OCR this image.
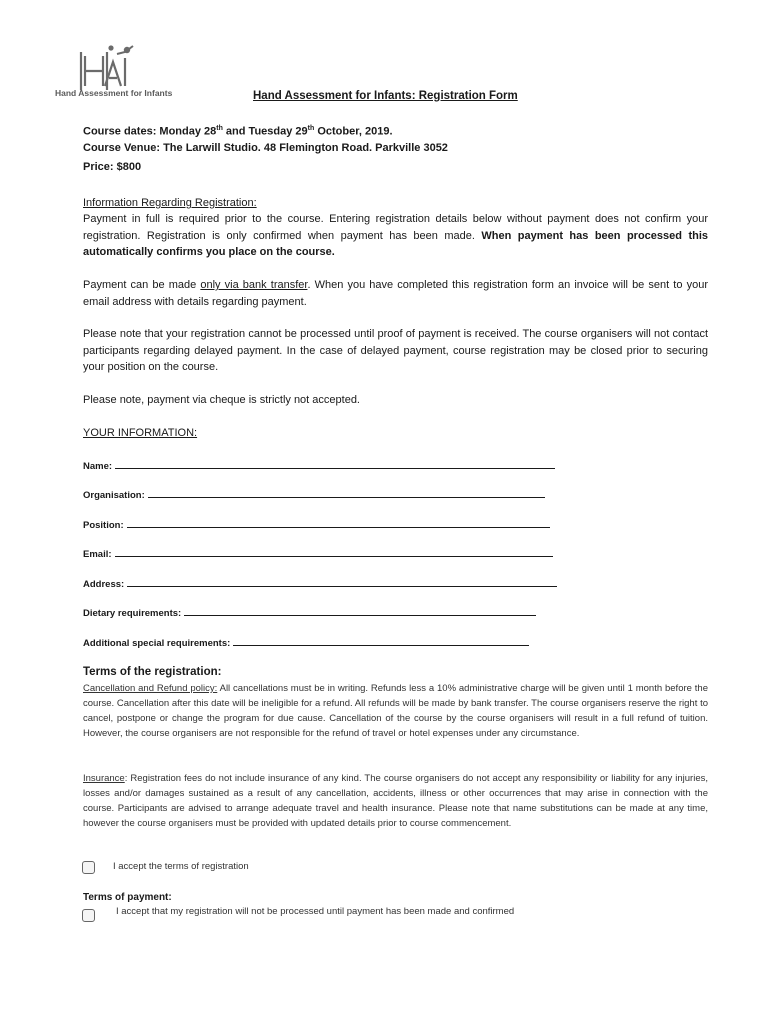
Hand Assessment for Infants	Hand Assessment for Infants: Registration Form
Course dates: Monday 28th and Tuesday 29th October, 2019.
Course Venue: The Larwill Studio. 48 Flemington Road. Parkville 3052
Price: $800
Information Regarding Registration:

Payment in full is required prior to the course. Entering registration details below without payment does not confirm your registration. Registration is only confirmed when payment has been made. When payment has been processed this automatically confirms you place on the course.

Payment can be made only via bank transfer. When you have completed this registration form an invoice will be sent to your email address with details regarding payment.

Please note that your registration cannot be processed until proof of payment is received. The course organisers will not contact participants regarding delayed payment. In the case of delayed payment, course registration may be closed prior to securing your position on the course.

Please note, payment via cheque is strictly not accepted.

YOUR INFORMATION:
Name:
Organisation:
Position:
Email:
Address:
Dietary requirements:
Additional special requirements:
Terms of the registration:

Cancellation and Refund policy: All cancellations must be in writing. Refunds less a 10% administrative charge will be given until 1 month before the course. Cancellation after this date will be ineligible for a refund. All refunds will be made by bank transfer. The course organisers reserve the right to cancel, postpone or change the program for due cause. Cancellation of the course by the course organisers will result in a full refund of tuition. However, the course organisers are not responsible for the refund of travel or hotel expenses under any circumstance.

Insurance: Registration fees do not include insurance of any kind. The course organisers do not accept any responsibility or liability for any injuries, losses and/or damages sustained as a result of any cancellation, accidents, illness or other occurrences that may arise in connection with the course. Participants are advised to arrange adequate travel and health insurance. Please note that name substitutions can be made at any time, however the course organisers must be provided with updated details prior to course commencement.

I accept the terms of registration
Terms of payment:
I accept that my registration will not be processed until payment has been made and confirmed
